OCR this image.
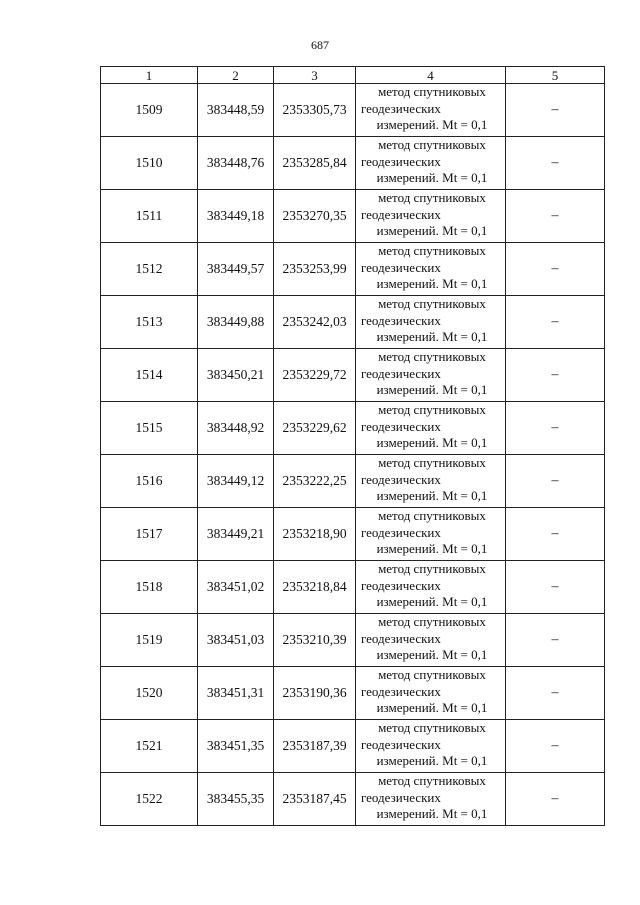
687
1	2	3	4	5
1509	383448,59	2353305,73	метод спутниковых
геодезических
измерений. Mt = 0,1	–
1510	383448,76	2353285,84	метод спутниковых
геодезических
измерений. Mt = 0,1	–
1511	383449,18	2353270,35	метод спутниковых
геодезических
измерений. Mt = 0,1	–
1512	383449,57	2353253,99	метод спутниковых
геодезических
измерений. Mt = 0,1	–
1513	383449,88	2353242,03	метод спутниковых
геодезических
измерений. Mt = 0,1	–
1514	383450,21	2353229,72	метод спутниковых
геодезических
измерений. Mt = 0,1	–
1515	383448,92	2353229,62	метод спутниковых
геодезических
измерений. Mt = 0,1	–
1516	383449,12	2353222,25	метод спутниковых
геодезических
измерений. Mt = 0,1	–
1517	383449,21	2353218,90	метод спутниковых
геодезических
измерений. Mt = 0,1	–
1518	383451,02	2353218,84	метод спутниковых
геодезических
измерений. Mt = 0,1	–
1519	383451,03	2353210,39	метод спутниковых
геодезических
измерений. Mt = 0,1	–
1520	383451,31	2353190,36	метод спутниковых
геодезических
измерений. Mt = 0,1	–
1521	383451,35	2353187,39	метод спутниковых
геодезических
измерений. Mt = 0,1	–
1522	383455,35	2353187,45	метод спутниковых
геодезических
измерений. Mt = 0,1	–
